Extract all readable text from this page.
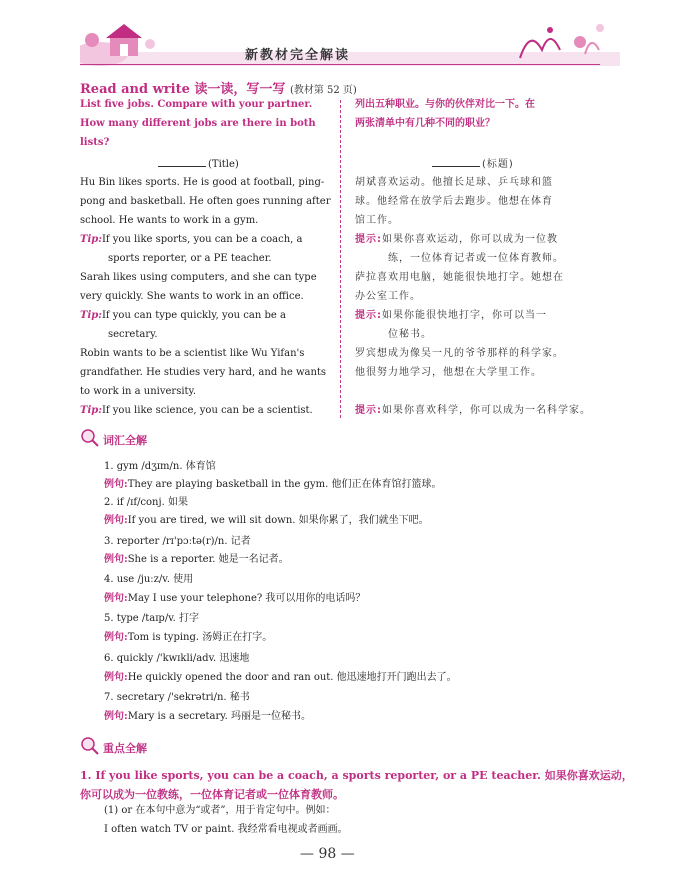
新教材完全解读
Read and write 读一读，写一写 (教材第 52 页)
List five jobs. Compare with your partner.
How many different jobs are there in both
lists?
(Title)
Hu Bin likes sports. He is good at football, ping-
pong and basketball. He often goes running after
school. He wants to work in a gym.
Tip:If you like sports, you can be a coach, a
sports reporter, or a PE teacher.
Sarah likes using computers, and she can type
very quickly. She wants to work in an office.
Tip:If you can type quickly, you can be a
secretary.
Robin wants to be a scientist like Wu Yifan's
grandfather. He studies very hard, and he wants
to work in a university.
Tip:If you like science, you can be a scientist.
列出五种职业。与你的伙伴对比一下。在
两张清单中有几种不同的职业？
(标题)
胡斌喜欢运动。他擅长足球、乒乓球和篮
球。他经常在放学后去跑步。他想在体育
馆工作。
提示:如果你喜欢运动，你可以成为一位教
练，一位体育记者或一位体育教师。
萨拉喜欢用电脑，她能很快地打字。她想在
办公室工作。
提示:如果你能很快地打字，你可以当一
位秘书。
罗宾想成为像吴一凡的爷爷那样的科学家。
他很努力地学习，他想在大学里工作。
提示:如果你喜欢科学，你可以成为一名科学家。
词汇全解
1. gym /dʒɪm/n. 体育馆
例句:They are playing basketball in the gym. 他们正在体育馆打篮球。
2. if /ɪf/conj. 如果
例句:If you are tired, we will sit down. 如果你累了，我们就坐下吧。
3. reporter /rɪ'pɔːtə(r)/n. 记者
例句:She is a reporter. 她是一名记者。
4. use /juːz/v. 使用
例句:May I use your telephone? 我可以用你的电话吗？
5. type /taɪp/v. 打字
例句:Tom is typing. 汤姆正在打字。
6. quickly /'kwɪkli/adv. 迅速地
例句:He quickly opened the door and ran out. 他迅速地打开门跑出去了。
7. secretary /'sekrətri/n. 秘书
例句:Mary is a secretary. 玛丽是一位秘书。
重点全解
1. If you like sports, you can be a coach, a sports reporter, or a PE teacher. 如果你喜欢运动，
你可以成为一位教练，一位体育记者或一位体育教师。
(1) or 在本句中意为“或者”，用于肯定句中。例如：
I often watch TV or paint. 我经常看电视或者画画。
— 98 —
